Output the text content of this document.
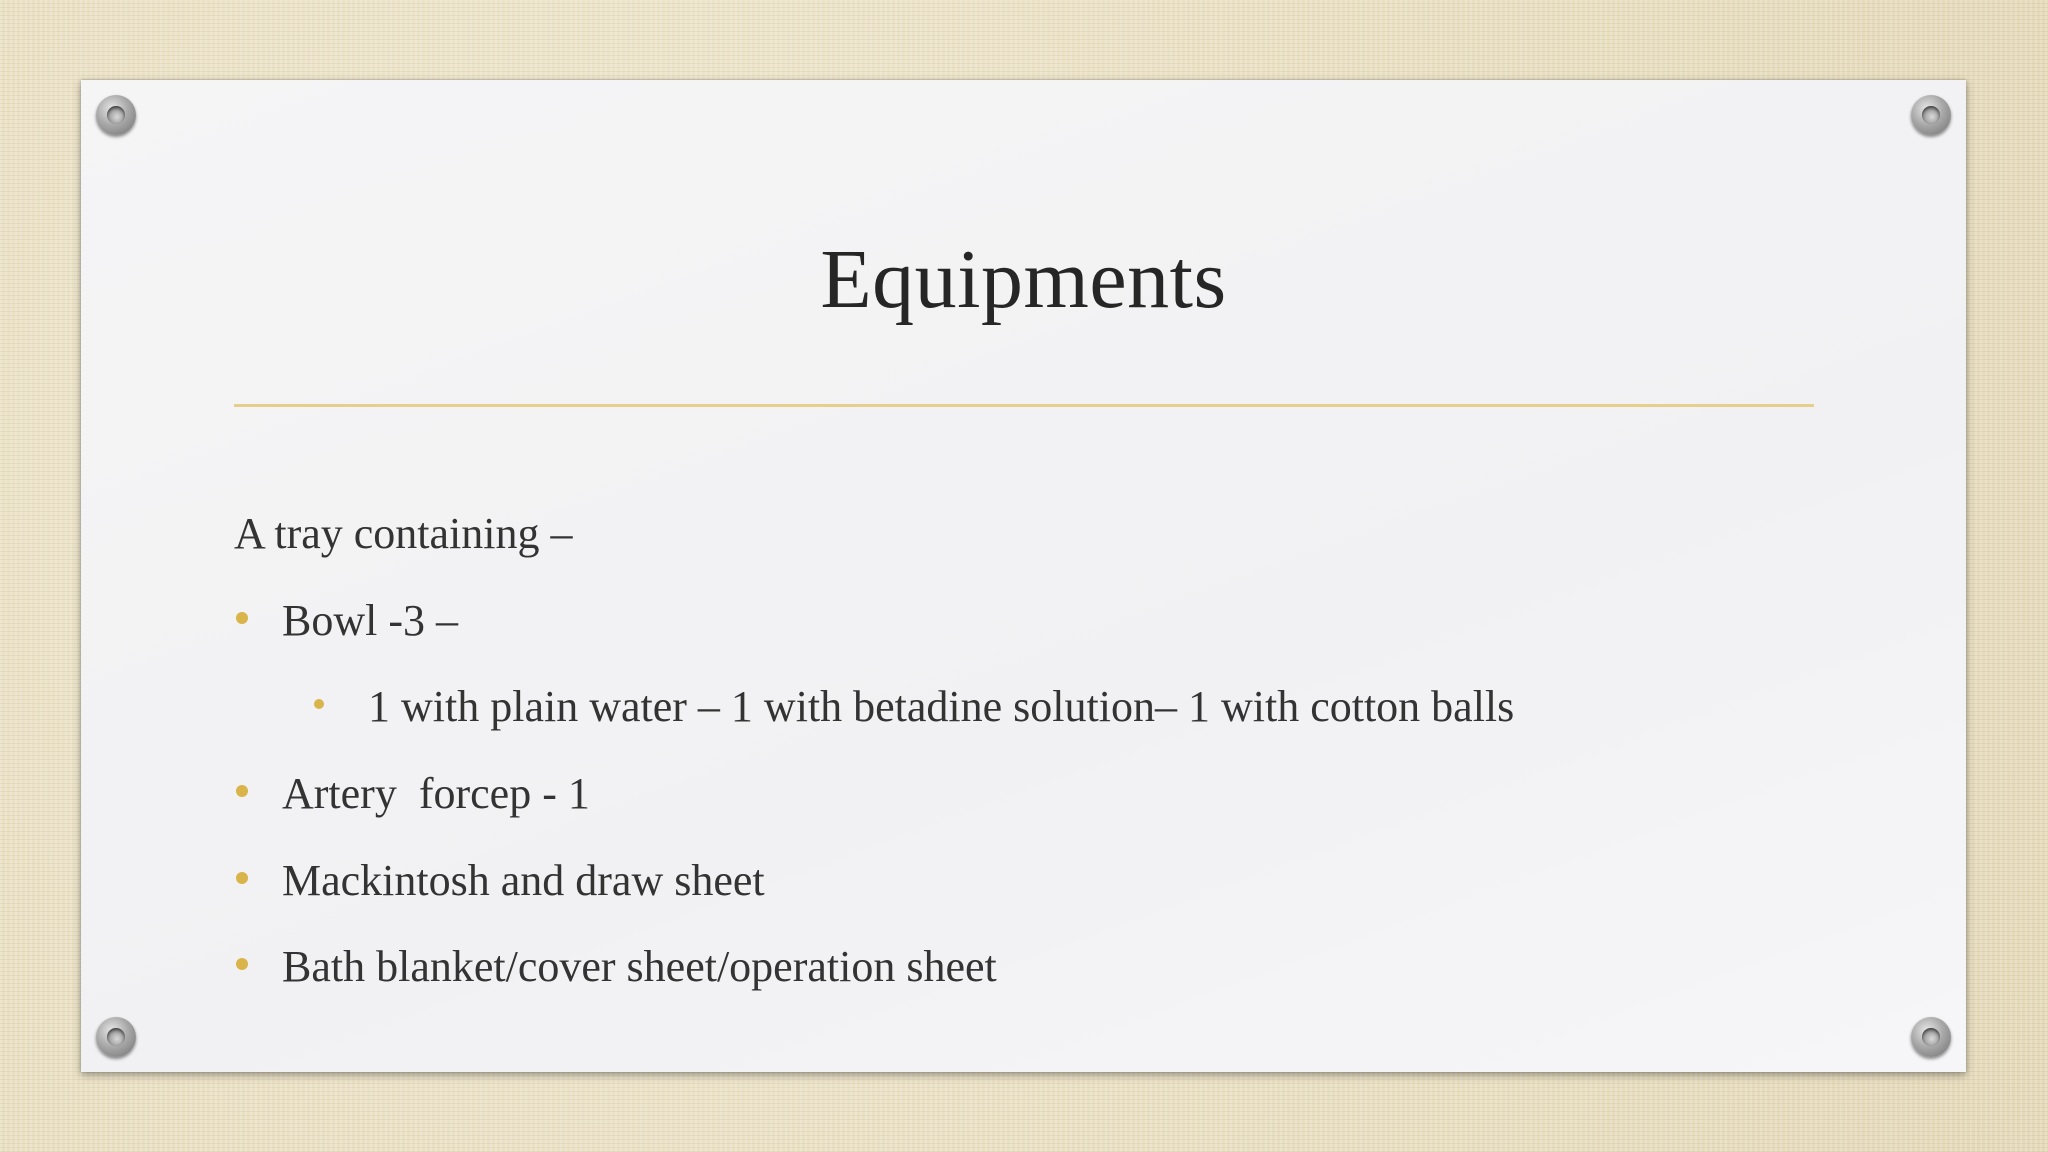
Equipments
A tray containing –

Bowl -3 –

1 with plain water – 1 with betadine solution– 1 with cotton balls

Artery  forcep - 1

Mackintosh and draw sheet

Bath blanket/cover sheet/operation sheet
